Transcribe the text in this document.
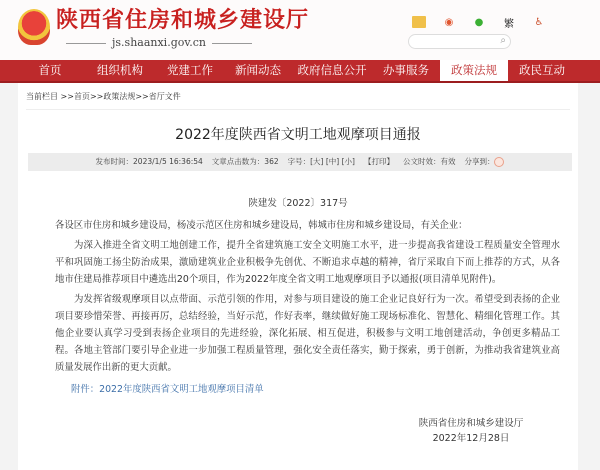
陕西省住房和城乡建设厅
js.shaanxi.gov.cn
◉ ● 繁 ♿
⌕
首页	组织机构	党建工作	新闻动态	政府信息公开	办事服务	政策法规	政民互动
当前栏目 >>首页>>政策法规>>省厅文件
2022年度陕西省文明工地观摩项目通报
发布时间：2023/1/5 16:36:54 文章点击数为：362 字号：[大] [中] [小] 【打印】 公文时效：有效 分享到：
陕建发〔2022〕317号

各设区市住房和城乡建设局，杨凌示范区住房和城乡建设局，韩城市住房和城乡建设局，有关企业：

为深入推进全省文明工地创建工作，提升全省建筑施工安全文明施工水平，进一步提高我省建设工程质量安全管理水平和巩固施工扬尘防治成果，激励建筑业企业积极争先创优、不断追求卓越的精神，省厅采取自下而上推荐的方式，从各地市住建局推荐项目中遴选出20个项目，作为2022年度全省文明工地观摩项目予以通报(项目清单见附件)。

为发挥省级观摩项目以点带面、示范引领的作用，对参与项目建设的施工企业记良好行为一次。希望受到表扬的企业项目要珍惜荣誉、再接再厉，总结经验，当好示范，作好表率，继续做好施工现场标准化、智慧化、精细化管理工作。其他企业要认真学习受到表扬企业项目的先进经验，深化拓展、相互促进，积极参与文明工地创建活动，争创更多精品工程。各地主管部门要引导企业进一步加强工程质量管理，强化安全责任落实，勤于探索，勇于创新，为推动我省建筑业高质量发展作出新的更大贡献。

附件：2022年度陕西省文明工地观摩项目清单

陕西省住房和城乡建设厅
2022年12月28日
